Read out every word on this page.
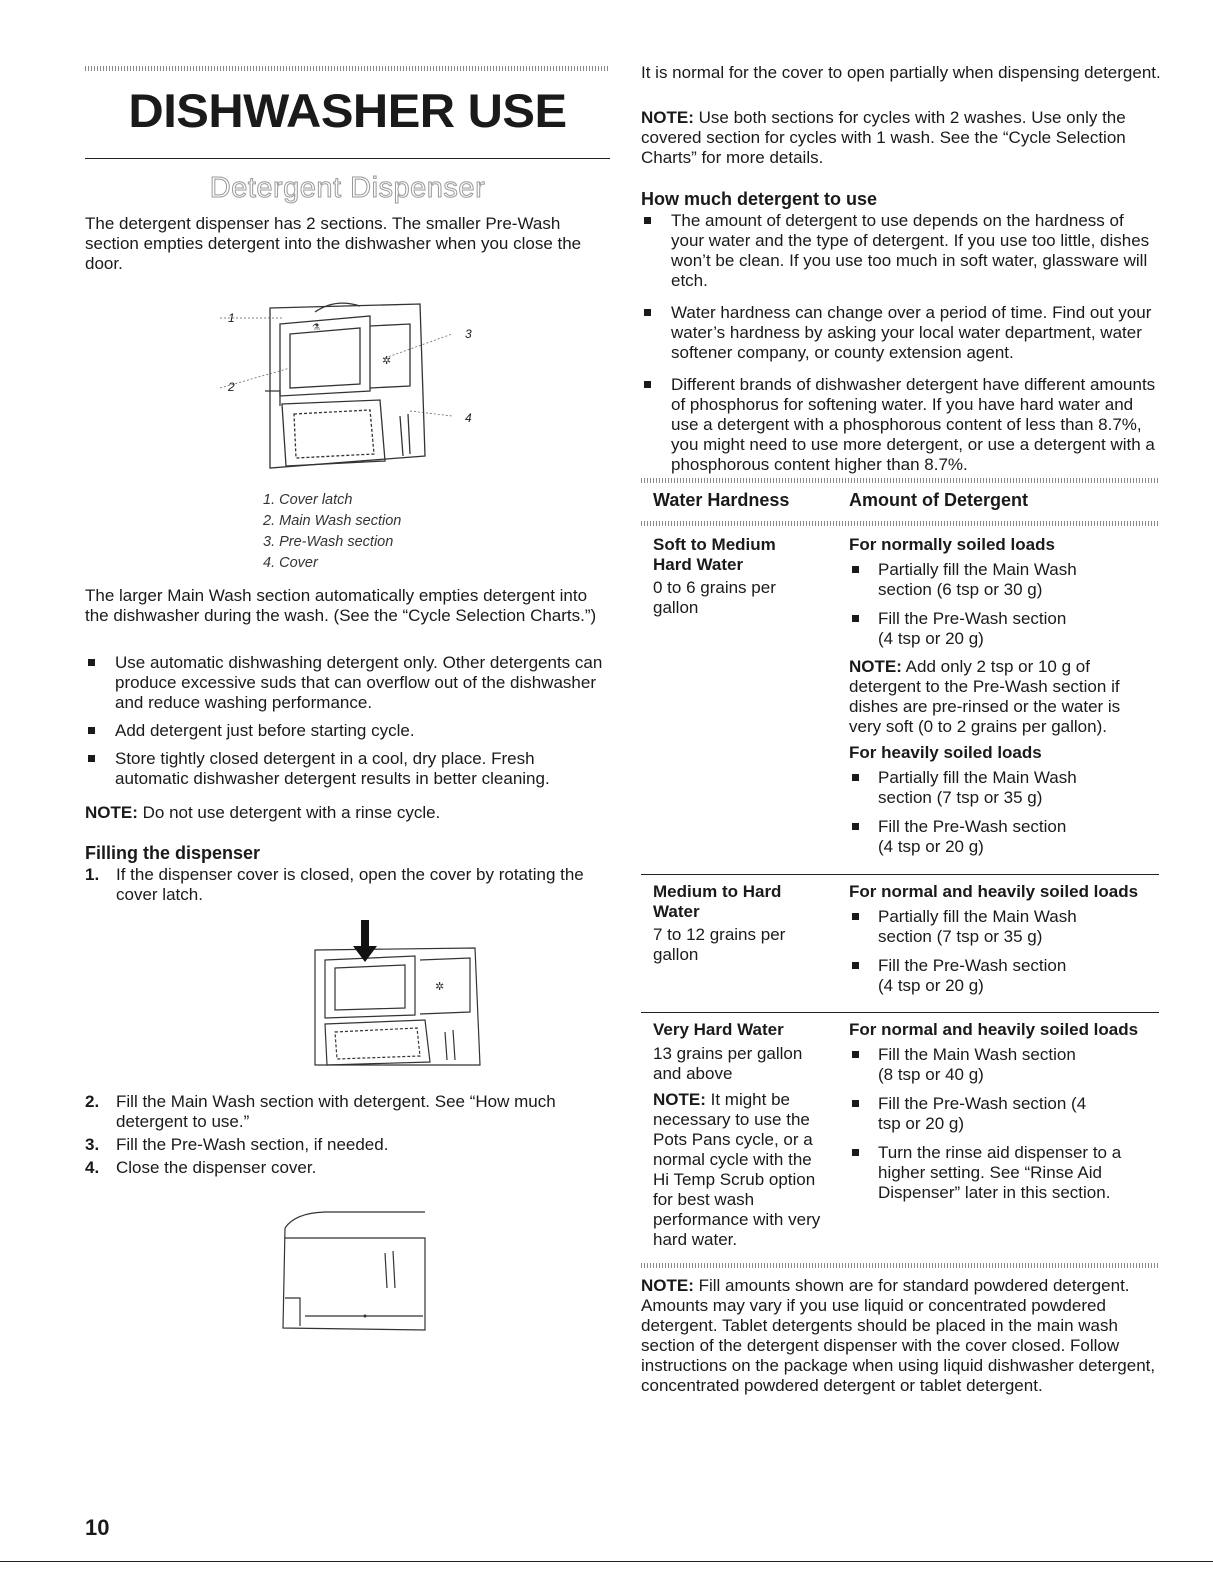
DISHWASHER USE
Detergent Dispenser

The detergent dispenser has 2 sections. The smaller Pre-Wash section empties detergent into the dishwasher when you close the door.

⚗
✲
1
2
3
4
1. Cover latch
2. Main Wash section
3. Pre-Wash section
4. Cover

The larger Main Wash section automatically empties detergent into the dishwasher during the wash. (See the “Cycle Selection Charts.”)

Use automatic dishwashing detergent only. Other detergents can produce excessive suds that can overflow out of the dishwasher and reduce washing performance.
Add detergent just before starting cycle.
Store tightly closed detergent in a cool, dry place. Fresh automatic dishwasher detergent results in better cleaning.

NOTE: Do not use detergent with a rinse cycle.

Filling the dispenser
1. If the dispenser cover is closed, open the cover by rotating the cover latch.
✲
2. Fill the Main Wash section with detergent. See “How much detergent to use.”
3. Fill the Pre-Wash section, if needed.
4. Close the dispenser cover.

It is normal for the cover to open partially when dispensing detergent.

NOTE: Use both sections for cycles with 2 washes. Use only the covered section for cycles with 1 wash. See the “Cycle Selection Charts” for more details.

How much detergent to use
The amount of detergent to use depends on the hardness of your water and the type of detergent. If you use too little, dishes won’t be clean. If you use too much in soft water, glassware will etch.
Water hardness can change over a period of time. Find out your water’s hardness by asking your local water department, water softener company, or county extension agent.
Different brands of dishwasher detergent have different amounts of phosphorus for softening water. If you have hard water and use a detergent with a phosphorous content of less than 8.7%, you might need to use more detergent, or use a detergent with a phosphorous content higher than 8.7%.
Water Hardness	Amount of Detergent
Soft to Medium Hard Water

0 to 6 grains per gallon

For normally soiled loads
Partially fill the Main Wash section (6 tsp or 30 g)
Fill the Pre-Wash section (4 tsp or 20 g)

NOTE: Add only 2 tsp or 10 g of detergent to the Pre-Wash section if dishes are pre-rinsed or the water is very soft (0 to 2 grains per gallon).

For heavily soiled loads
Partially fill the Main Wash section (7 tsp or 35 g)
Fill the Pre-Wash section (4 tsp or 20 g)
Medium to Hard Water

7 to 12 grains per gallon

For normal and heavily soiled loads
Partially fill the Main Wash section (7 tsp or 35 g)
Fill the Pre-Wash section (4 tsp or 20 g)
Very Hard Water

13 grains per gallon and above

NOTE: It might be necessary to use the Pots Pans cycle, or a normal cycle with the Hi Temp Scrub option for best wash performance with very hard water.

For normal and heavily soiled loads
Fill the Main Wash section (8 tsp or 40 g)
Fill the Pre-Wash section (4 tsp or 20 g)
Turn the rinse aid dispenser to a higher setting. See “Rinse Aid Dispenser” later in this section.

NOTE: Fill amounts shown are for standard powdered detergent. Amounts may vary if you use liquid or concentrated powdered detergent. Tablet detergents should be placed in the main wash section of the detergent dispenser with the cover closed. Follow instructions on the package when using liquid dishwasher detergent, concentrated powdered detergent or tablet detergent.

10
